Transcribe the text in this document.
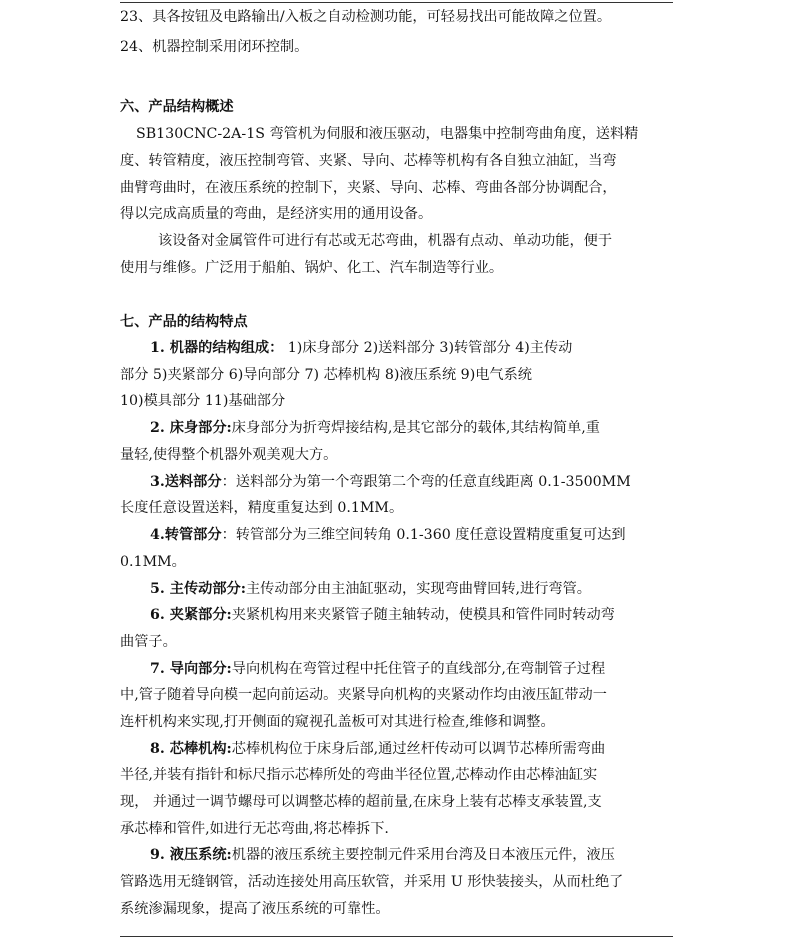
23、具各按钮及电路输出/入板之自动检测功能，可轻易找出可能故障之位置。
24、机器控制采用闭环控制。
六、产品结构概述
SB130CNC-2A-1S 弯管机为伺服和液压驱动，电器集中控制弯曲角度，送料精
度、转管精度，液压控制弯管、夹紧、导向、芯棒等机构有各自独立油缸，当弯
曲臂弯曲时，在液压系统的控制下，夹紧、导向、芯棒、弯曲各部分协调配合，
得以完成高质量的弯曲，是经济实用的通用设备。
该设备对金属管件可进行有芯或无芯弯曲，机器有点动、单动功能，便于
使用与维修。广泛用于船舶、锅炉、化工、汽车制造等行业。
七、产品的结构特点
1. 机器的结构组成： 1)床身部分 2)送料部分 3)转管部分 4)主传动
部分 5)夹紧部分 6)导向部分 7) 芯棒机构 8)液压系统 9)电气系统
10)模具部分 11)基础部分
2. 床身部分:床身部分为折弯焊接结构,是其它部分的载体,其结构简单,重
量轻,使得整个机器外观美观大方。
3.送料部分：送料部分为第一个弯跟第二个弯的任意直线距离 0.1-3500MM
长度任意设置送料，精度重复达到 0.1MM。
4.转管部分：转管部分为三维空间转角 0.1-360 度任意设置精度重复可达到
0.1MM。
5. 主传动部分:主传动部分由主油缸驱动，实现弯曲臂回转,进行弯管。
6. 夹紧部分:夹紧机构用来夹紧管子随主轴转动，使模具和管件同时转动弯
曲管子。
7. 导向部分:导向机构在弯管过程中托住管子的直线部分,在弯制管子过程
中,管子随着导向模一起向前运动。夹紧导向机构的夹紧动作均由液压缸带动一
连杆机构来实现,打开侧面的窥视孔盖板可对其进行检查,维修和调整。
8. 芯棒机构:芯棒机构位于床身后部,通过丝杆传动可以调节芯棒所需弯曲
半径,并装有指针和标尺指示芯棒所处的弯曲半径位置,芯棒动作由芯棒油缸实
现， 并通过一调节螺母可以调整芯棒的超前量,在床身上装有芯棒支承装置,支
承芯棒和管件,如进行无芯弯曲,将芯棒拆下.
9. 液压系统:机器的液压系统主要控制元件采用台湾及日本液压元件，液压
管路选用无缝钢管，活动连接处用高压软管，并采用 U 形快装接头，从而杜绝了
系统渗漏现象，提高了液压系统的可靠性。
